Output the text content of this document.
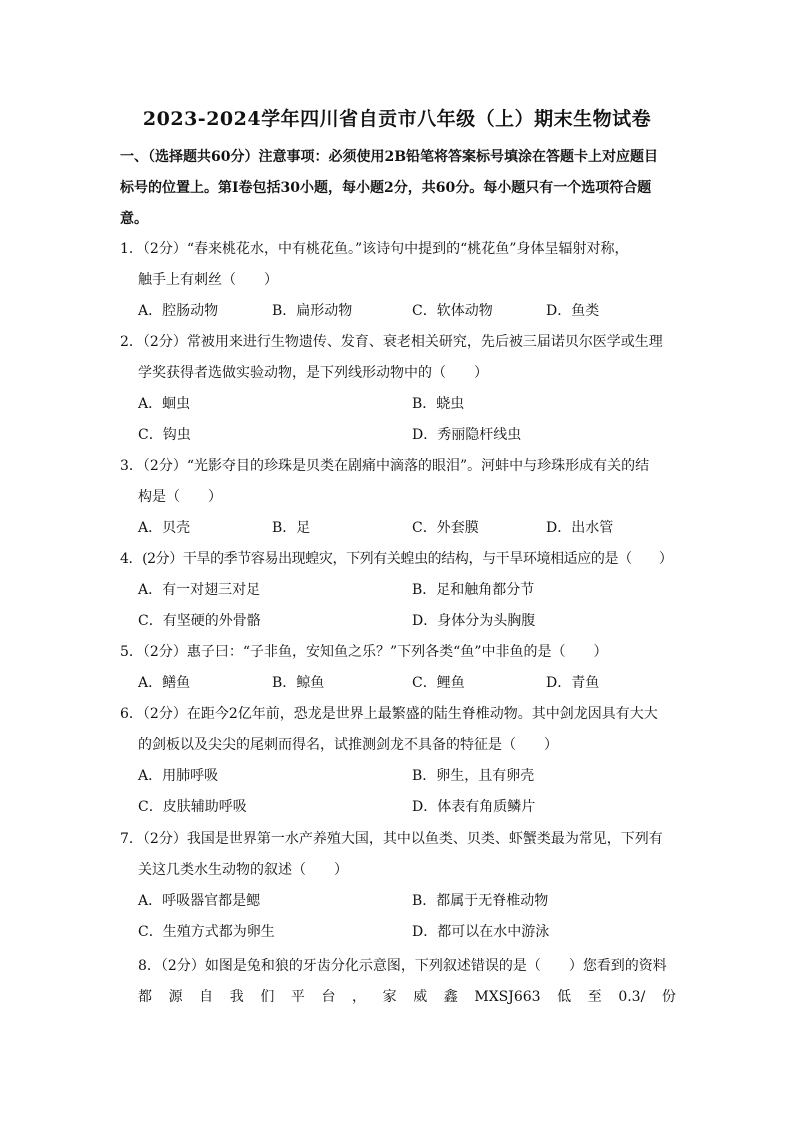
2023-2024学年四川省自贡市八年级（上）期末生物试卷
一、（选择题共60分）注意事项：必须使用2B铅笔将答案标号填涂在答题卡上对应题目
标号的位置上。第Ⅰ卷包括30小题，每小题2分，共60分。每小题只有一个选项符合题
意。
1．（2分）“春来桃花水，中有桃花鱼。”该诗句中提到的“桃花鱼”身体呈辐射对称，
触手上有刺丝（　　）
A．腔肠动物	B．扁形动物	C．软体动物	D．鱼类
2．（2分）常被用来进行生物遗传、发育、衰老相关研究，先后被三届诺贝尔医学或生理
学奖获得者选做实验动物，是下列线形动物中的（　　）
A．蛔虫	B．蛲虫
C．钩虫	D．秀丽隐杆线虫
3．（2分）“光影夺目的珍珠是贝类在剧痛中滴落的眼泪”。河蚌中与珍珠形成有关的结
构是（　　）
A．贝壳	B．足	C．外套膜	D．出水管
4．(2分）干旱的季节容易出现蝗灾，下列有关蝗虫的结构，与干旱环境相适应的是（　　）
A．有一对翅三对足	B．足和触角都分节
C．有坚硬的外骨骼	D．身体分为头胸腹
5．（2分）惠子曰：“子非鱼，安知鱼之乐？”下列各类“鱼”中非鱼的是（　　）
A．鳝鱼	B．鲸鱼	C．鲤鱼	D．青鱼
6．（2分）在距今2亿年前，恐龙是世界上最繁盛的陆生脊椎动物。其中剑龙因具有大大
的剑板以及尖尖的尾刺而得名，试推测剑龙不具备的特征是（　　）
A．用肺呼吸	B．卵生，且有卵壳
C．皮肤辅助呼吸	D．体表有角质鳞片
7．（2分）我国是世界第一水产养殖大国，其中以鱼类、贝类、虾蟹类最为常见，下列有
关这几类水生动物的叙述（　　）
A．呼吸器官都是鳃	B．都属于无脊椎动物
C．生殖方式都为卵生	D．都可以在水中游泳
8．（2分）如图是兔和狼的牙齿分化示意图，下列叙述错误的是（　　）您看到的资料
都 源 自 我 们 平 台 ， 家 威 鑫 MXSJ663 低 至 0.3/ 份
